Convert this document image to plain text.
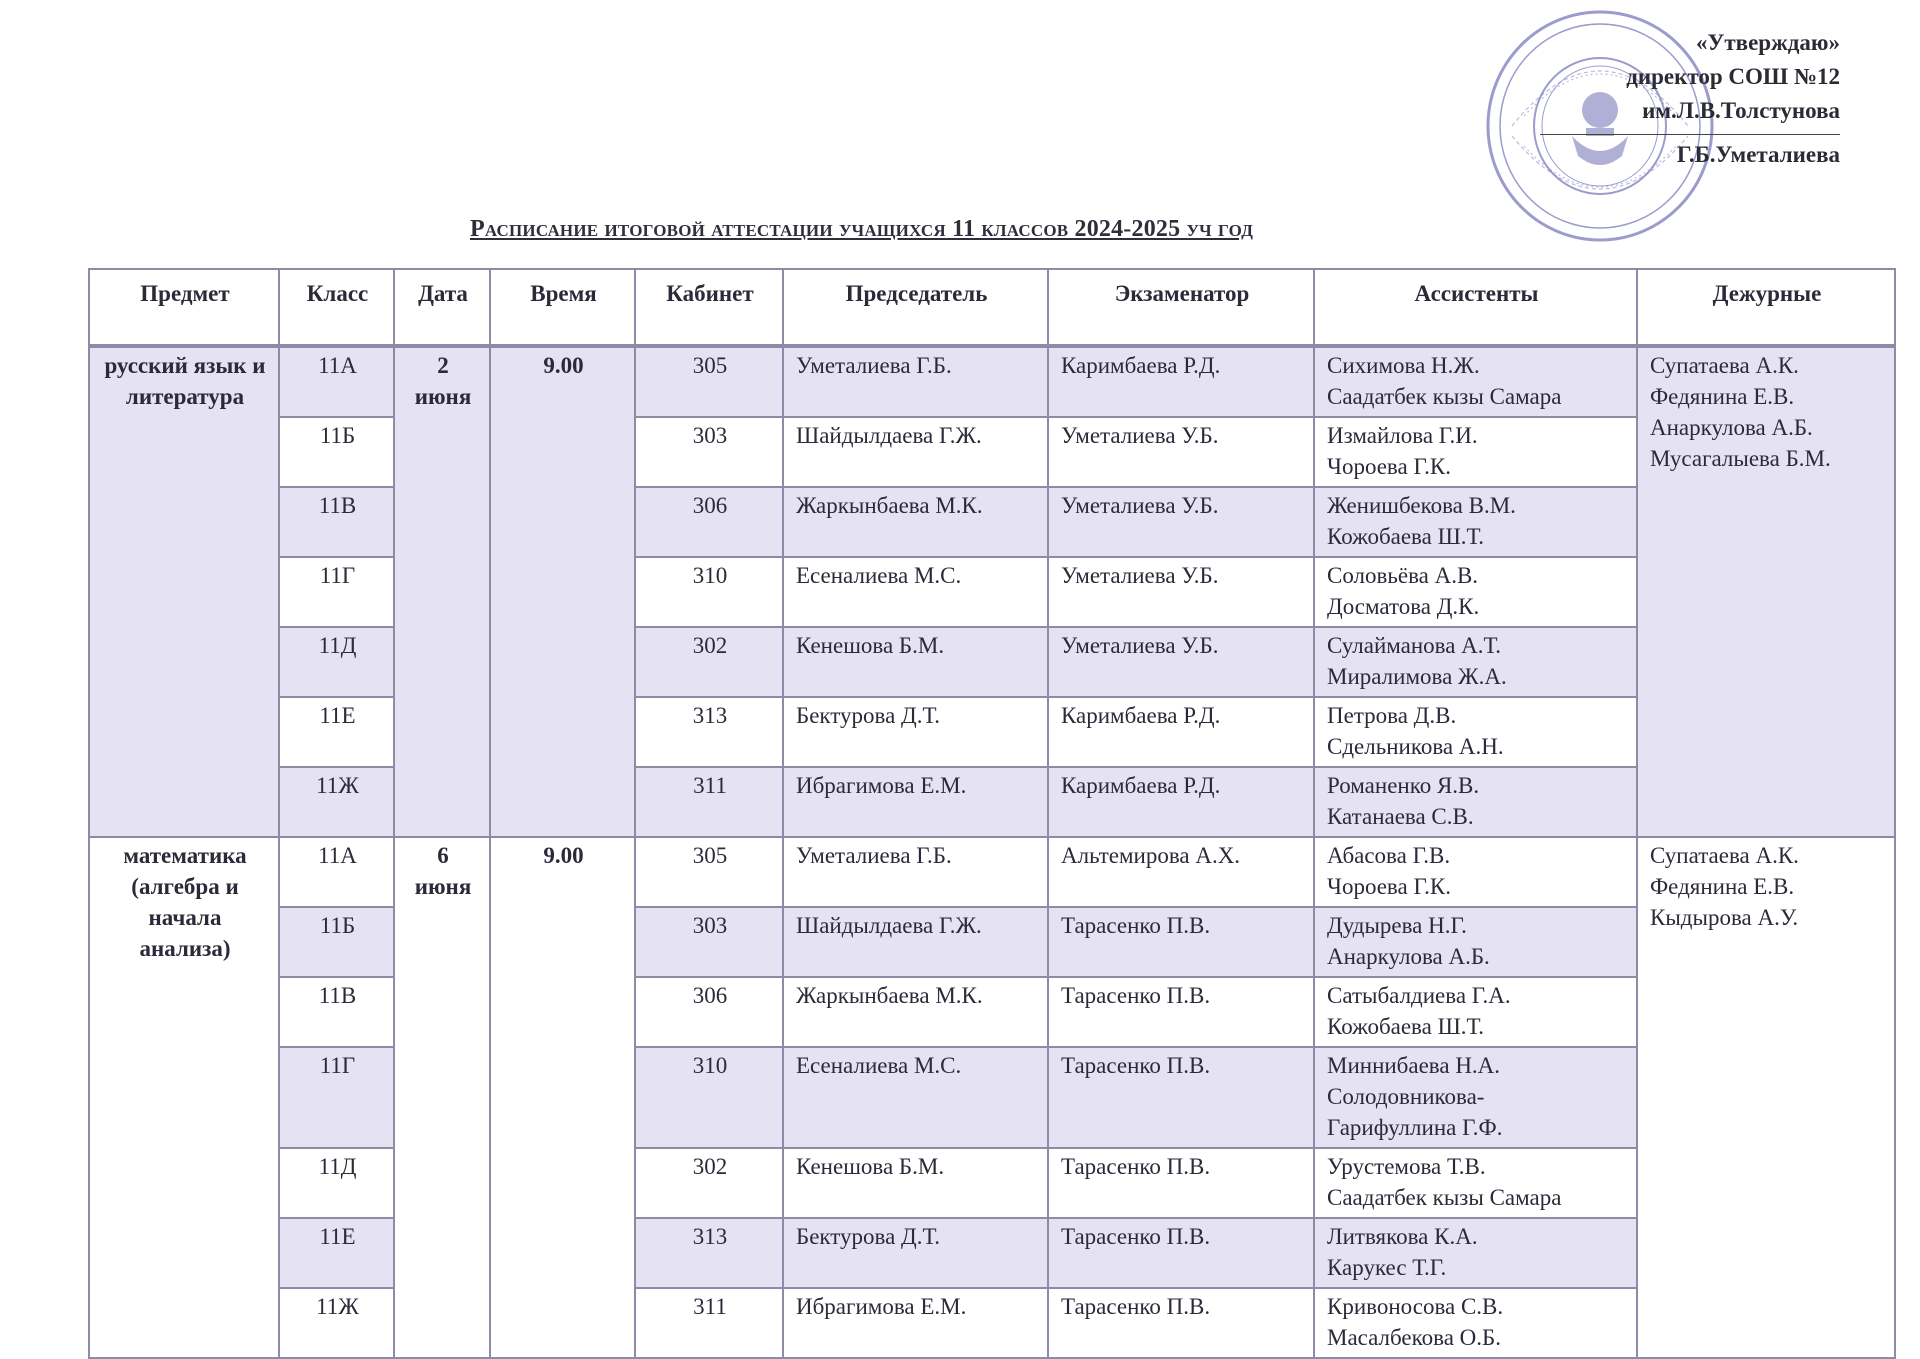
«Утверждаю»
директор СОШ №12
им.Л.В.Толстунова
Г.Б.Уметалиева
Расписание итоговой аттестации учащихся 11 классов 2024-2025 уч год
Предмет	Класс	Дата	Время	Кабинет	Председатель	Экзаменатор	Ассистенты	Дежурные
русский язык и литература	11А	2 июня	9.00	305	Уметалиева Г.Б.	Каримбаева Р.Д.	Сихимова Н.Ж.
Саадатбек кызы Самара	Супатаева А.К.
Федянина Е.В.
Анаркулова А.Б.
Мусагалыева Б.М.

	11Б			303	Шайдылдаева Г.Ж.	Уметалиева У.Б.	Измайлова Г.И.
Чороева Г.К.	

	11В			306	Жаркынбаева М.К.	Уметалиева У.Б.	Женишбекова В.М.
Кожобаева Ш.Т.	

	11Г			310	Есеналиева М.С.	Уметалиева У.Б.	Соловьёва А.В.
Досматова Д.К.	

	11Д			302	Кенешова Б.М.	Уметалиева У.Б.	Сулайманова А.Т.
Миралимова Ж.А.	

	11Е			313	Бектурова Д.Т.	Каримбаева Р.Д.	Петрова Д.В.
Сдельникова А.Н.	

	11Ж			311	Ибрагимова Е.М.	Каримбаева Р.Д.	Романенко Я.В.
Катанаева С.В.	

математика (алгебра и начала анализа)	11А	6 июня	9.00	305	Уметалиева Г.Б.	Альтемирова А.Х.	Абасова Г.В.
Чороева Г.К.	Супатаева А.К.
Федянина Е.В.
Кыдырова А.У.

	11Б			303	Шайдылдаева Г.Ж.	Тарасенко П.В.	Дудырева Н.Г.
Анаркулова А.Б.	

	11В			306	Жаркынбаева М.К.	Тарасенко П.В.	Сатыбалдиева Г.А.
Кожобаева Ш.Т.	

	11Г			310	Есеналиева М.С.	Тарасенко П.В.	Миннибаева Н.А.
Солодовникова-
Гарифуллина Г.Ф.	

	11Д			302	Кенешова Б.М.	Тарасенко П.В.	Урустемова Т.В.
Саадатбек кызы Самара	

	11Е			313	Бектурова Д.Т.	Тарасенко П.В.	Литвякова К.А.
Карукес Т.Г.	

	11Ж			311	Ибрагимова Е.М.	Тарасенко П.В.	Кривоносова С.В.
Масалбекова О.Б.	
